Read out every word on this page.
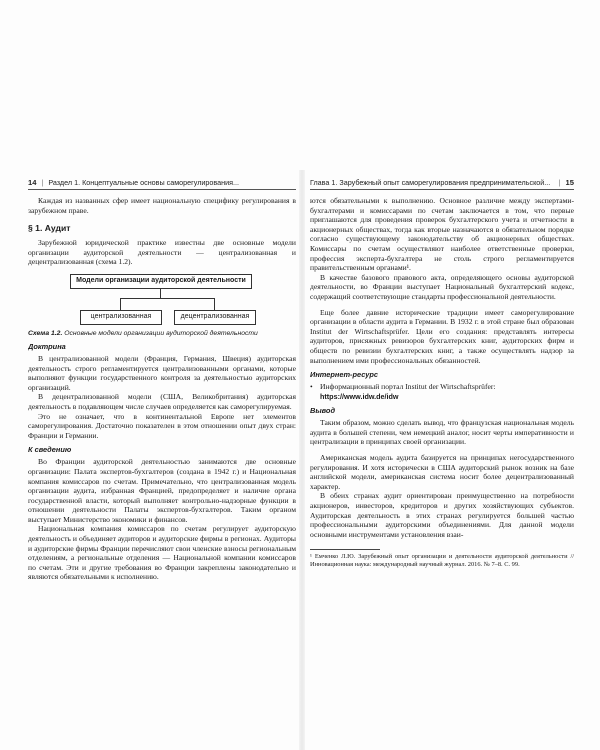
14 | Раздел 1. Концептуальные основы саморегулирования...

Каждая из названных сфер имеет национальную специфику регулирования в зарубежном праве.

§ 1. Аудит

Зарубежной юридической практике известны две основные модели организации аудиторской деятельности — централизованная и децентрализованная (схема 1.2).

Модели организации аудиторской деятельности
централизованная	децентрализованная
Схема 1.2. Основные модели организации аудиторской деятельности
Доктрина

В централизованной модели (Франция, Германия, Швеция) аудиторская деятельность строго регламентируется централизованными органами, которые выполняют функции государственного контроля за деятельностью аудиторских организаций.

В децентрализованной модели (США, Великобритания) аудиторская деятельность в подавляющем числе случаев определяется как саморегулируемая.

Это не означает, что в континентальной Европе нет элементов саморегулирования. Достаточно показателен в этом отношении опыт двух стран: Франции и Германии.

К сведению

Во Франции аудиторской деятельностью занимаются две основные организации: Палата экспертов-бухгалтеров (создана в 1942 г.) и Национальная компания комиссаров по счетам. Примечательно, что централизованная модель организации аудита, избранная Францией, предопределяет и наличие органа государственной власти, который выполняет контрольно-надзорные функции в отношении деятельности Палаты экспертов-бухгалтеров. Таким органом выступает Министерство экономики и финансов.

Национальная компания комиссаров по счетам регулирует аудиторскую деятельность и объединяет аудиторов и аудиторские фирмы в регионах. Аудиторы и аудиторские фирмы Франции перечисляют свои членские взносы региональным отделениям, а региональные отделения — Национальной компании комиссаров по счетам. Эти и другие требования во Франции закреплены законодательно и являются обязательными к исполнению.

Глава 1. Зарубежный опыт саморегулирования предпринимательской...	| 15

ются обязательными к выполнению. Основное различие между экспертами-бухгалтерами и комиссарами по счетам заключается в том, что первые приглашаются для проведения проверок бухгалтерского учета и отчетности в акционерных обществах, тогда как вторые назначаются в обязательном порядке согласно существующему законодательству об акционерных обществах. Комиссары по счетам осуществляют наиболее ответственные проверки, профессия эксперта-бухгалтера не столь строго регламентируется правительственным органами¹.

В качестве базового правового акта, определяющего основы аудиторской деятельности, во Франции выступает Национальный бухгалтерский кодекс, содержащий соответствующие стандарты профессиональной деятельности.

Еще более давние исторические традиции имеет саморегулирование организации в области аудита в Германии. В 1932 г. в этой стране был образован Institut der Wirtschaftsprüfer. Цели его создания: представлять интересы аудиторов, присяжных ревизоров бухгалтерских книг, аудиторских фирм и обществ по ревизии бухгалтерских книг, а также осуществлять надзор за выполнением ими профессиональных обязанностей.

Интернет-ресурс
• Информационный портал Institut der Wirtschaftsprüfer:
https://www.idw.de/idw
Вывод

Таким образом, можно сделать вывод, что французская национальная модель аудита в большей степени, чем немецкий аналог, носит черты императивности и централизации в принципах своей организации.

Американская модель аудита базируется на принципах негосударственного регулирования. И хотя исторически в США аудиторский рынок возник на базе английской модели, американская система носит более децентрализованный характер.

В обеих странах аудит ориентирован преимущественно на потребности акционеров, инвесторов, кредиторов и других хозяйствующих субъектов. Аудиторская деятельность в этих странах регулируется большей частью профессиональными аудиторскими объединениями. Для данной модели основными инструментами установления взаи-

¹ Емченко Л.Ю. Зарубежный опыт организации и деятельности аудиторской деятельности // Инновационная наука: международный научный журнал. 2016. № 7–8. С. 99.
